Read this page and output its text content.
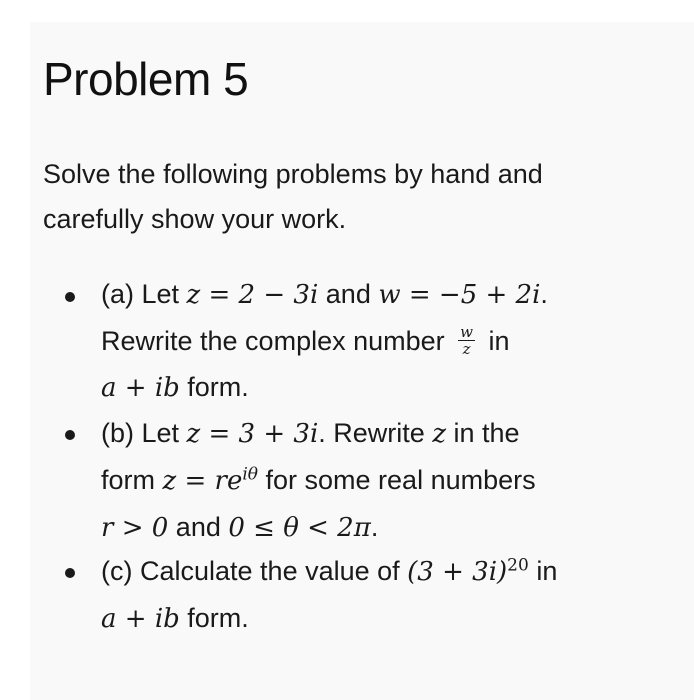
Problem 5
Solve the following problems by hand and
carefully show your work.
(a) Let z = 2 − 3i and w = −5 + 2i.
Rewrite the complex number $\frac{w}{z}$ in
a + ib form.
(b) Let z = 3 + 3i. Rewrite z in the
form $z = re^{i\theta}$ for some real numbers
r > 0 and 0 ≤ θ < 2π.
(c) Calculate the value of $(3 + 3i)^{20}$ in
a + ib form.
